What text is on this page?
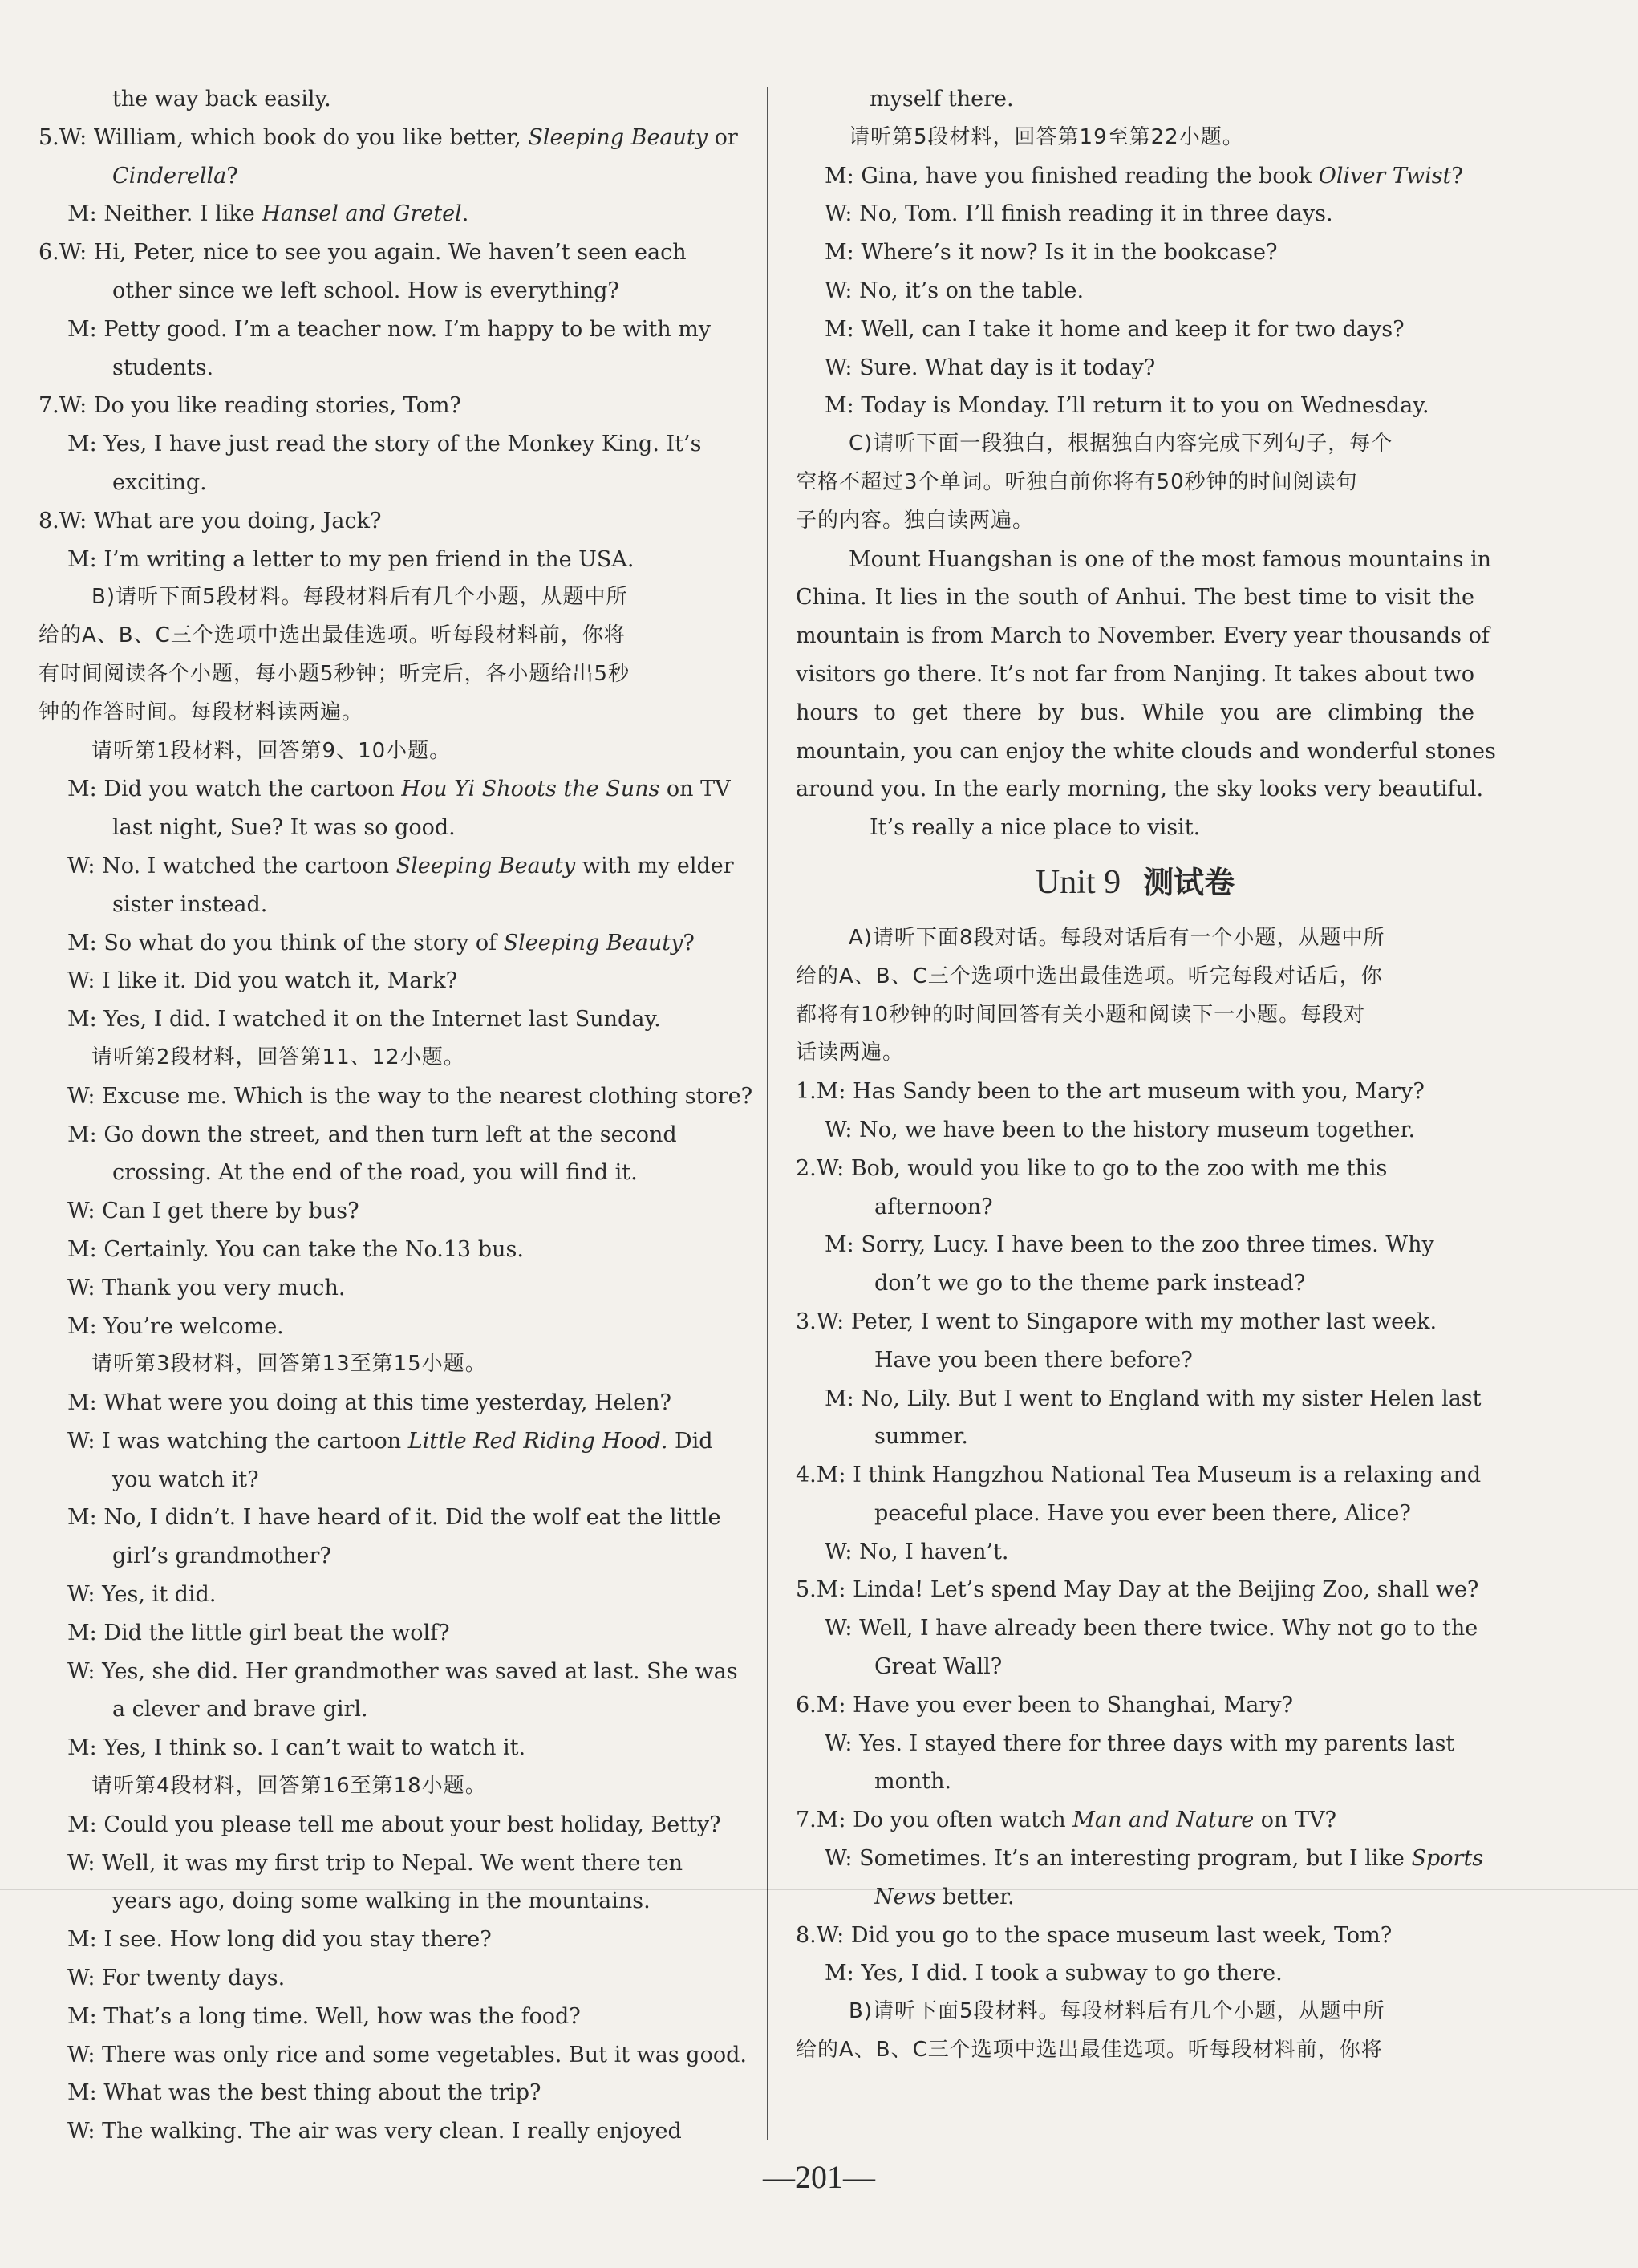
the way back easily.
5.W: William, which book do you like better, Sleeping Beauty or
Cinderella?
M: Neither. I like Hansel and Gretel.
6.W: Hi, Peter, nice to see you again. We haven’t seen each
other since we left school. How is everything?
M: Petty good. I’m a teacher now. I’m happy to be with my
students.
7.W: Do you like reading stories, Tom?
M: Yes, I have just read the story of the Monkey King. It’s
exciting.
8.W: What are you doing, Jack?
M: I’m writing a letter to my pen friend in the USA.
B)请听下面5段材料。每段材料后有几个小题，从题中所
给的A、B、C三个选项中选出最佳选项。听每段材料前，你将
有时间阅读各个小题，每小题5秒钟；听完后，各小题给出5秒
钟的作答时间。每段材料读两遍。
请听第1段材料，回答第9、10小题。
M: Did you watch the cartoon Hou Yi Shoots the Suns on TV
last night, Sue? It was so good.
W: No. I watched the cartoon Sleeping Beauty with my elder
sister instead.
M: So what do you think of the story of Sleeping Beauty?
W: I like it. Did you watch it, Mark?
M: Yes, I did. I watched it on the Internet last Sunday.
请听第2段材料，回答第11、12小题。
W: Excuse me. Which is the way to the nearest clothing store?
M: Go down the street, and then turn left at the second
crossing. At the end of the road, you will find it.
W: Can I get there by bus?
M: Certainly. You can take the No.13 bus.
W: Thank you very much.
M: You’re welcome.
请听第3段材料，回答第13至第15小题。
M: What were you doing at this time yesterday, Helen?
W: I was watching the cartoon Little Red Riding Hood. Did
you watch it?
M: No, I didn’t. I have heard of it. Did the wolf eat the little
girl’s grandmother?
W: Yes, it did.
M: Did the little girl beat the wolf?
W: Yes, she did. Her grandmother was saved at last. She was
a clever and brave girl.
M: Yes, I think so. I can’t wait to watch it.
请听第4段材料，回答第16至第18小题。
M: Could you please tell me about your best holiday, Betty?
W: Well, it was my first trip to Nepal. We went there ten
years ago, doing some walking in the mountains.
M: I see. How long did you stay there?
W: For twenty days.
M: That’s a long time. Well, how was the food?
W: There was only rice and some vegetables. But it was good.
M: What was the best thing about the trip?
W: The walking. The air was very clean. I really enjoyed
myself there.
请听第5段材料，回答第19至第22小题。
M: Gina, have you finished reading the book Oliver Twist?
W: No, Tom. I’ll finish reading it in three days.
M: Where’s it now? Is it in the bookcase?
W: No, it’s on the table.
M: Well, can I take it home and keep it for two days?
W: Sure. What day is it today?
M: Today is Monday. I’ll return it to you on Wednesday.
C)请听下面一段独白，根据独白内容完成下列句子，每个
空格不超过3个单词。听独白前你将有50秒钟的时间阅读句
子的内容。独白读两遍。
Mount Huangshan is one of the most famous mountains in
China. It lies in the south of Anhui. The best time to visit the
mountain is from March to November. Every year thousands of
visitors go there. It’s not far from Nanjing. It takes about two
hours to get there by bus. While you are climbing the
mountain, you can enjoy the white clouds and wonderful stones
around you. In the early morning, the sky looks very beautiful.
It’s really a nice place to visit.
Unit 9 测试卷
A)请听下面8段对话。每段对话后有一个小题，从题中所
给的A、B、C三个选项中选出最佳选项。听完每段对话后，你
都将有10秒钟的时间回答有关小题和阅读下一小题。每段对
话读两遍。
1.M: Has Sandy been to the art museum with you, Mary?
W: No, we have been to the history museum together.
2.W: Bob, would you like to go to the zoo with me this
afternoon?
M: Sorry, Lucy. I have been to the zoo three times. Why
don’t we go to the theme park instead?
3.W: Peter, I went to Singapore with my mother last week.
Have you been there before?
M: No, Lily. But I went to England with my sister Helen last
summer.
4.M: I think Hangzhou National Tea Museum is a relaxing and
peaceful place. Have you ever been there, Alice?
W: No, I haven’t.
5.M: Linda! Let’s spend May Day at the Beijing Zoo, shall we?
W: Well, I have already been there twice. Why not go to the
Great Wall?
6.M: Have you ever been to Shanghai, Mary?
W: Yes. I stayed there for three days with my parents last
month.
7.M: Do you often watch Man and Nature on TV?
W: Sometimes. It’s an interesting program, but I like Sports
News better.
8.W: Did you go to the space museum last week, Tom?
M: Yes, I did. I took a subway to go there.
B)请听下面5段材料。每段材料后有几个小题，从题中所
给的A、B、C三个选项中选出最佳选项。听每段材料前，你将
—201—
